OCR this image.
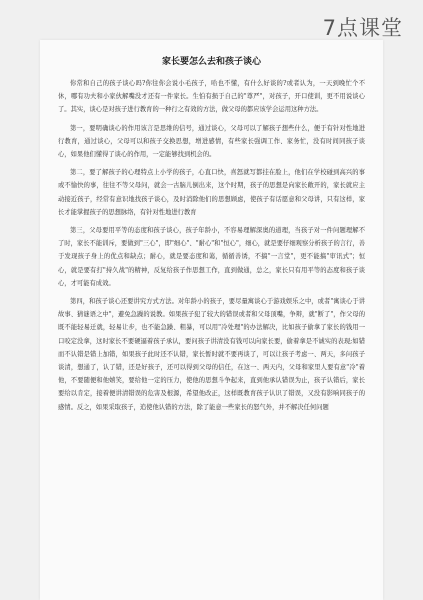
7点课堂
家长要怎么去和孩子谈心

你常和自己的孩子谈心吗?你往你会说小毛孩子，哈也不懂，有什么好谈的?或者认为，一天到晚忙个不休，哪有功夫和小家伙解嘴没才还有一件家长。生怕有损于自己的"尊严"，对孩子，开口使训，更不用说谈心了。其实，谈心是对孩子进行教育的一种行之有效的方法，做父母的都应该学会运用这种方法。

第一，要明确谈心的作用该言是思维的信号，通过谈心，父母可以了解孩子想些什么，便于有针对性地进行教育，通过谈心，父母可以和孩子交换思想，增进感情，有些家长强调工作、家务忙，没有时间同孩子谈心，如果他们懂得了谈心的作用，一定能够找到机会的。

第二，要了解孩子的心理特点上小学的孩子，心直口快，喜怒就写都挂在脸上，他们在学校碰到高兴的事或不愉快的事，往往不等父母问，就会一古脑儿倒出来，这个时期，孩子的思想是向家长敞开的，家长就应主动接近孩子，经常有意识地找孩子谈心，及时消除他们的思想顾虑，使孩子有话愿意和父母讲，只有这样，家长才能掌握孩子的思想脉络，有针对性地进行教育

第三，父母要用平等的态度和孩子谈心，孩子年龄小，不容易理解深奥的道理，当孩子对一件问题理解不了时，家长不能训斥，要做到"三心"，即"细心"、"耐心"和"恒心"，细心，就是要仔细观察分析孩子的言行，善于发现孩子身上的优点和缺点；耐心，就是要态度和蔼，循循善诱，不搞"一言堂"，更不能搞"审讯式"；恒心，就是要有打"持久战"的精神，反复给孩子作思想工作，直到做通，总之，家长只有用平等的态度和孩子谈心，才可能有成效。

第四，和孩子谈心还要讲究方式方法。对年龄小的孩子，要尽量寓谈心于游戏娱乐之中，或者"寓谈心于讲故事、猜谜语之中"，避免急躁的说教。如果孩子犯了较大的错误或者和父母顶嘴，争辩，就"断了"，作父母的既不能轻易迁就，轻易让步，也不能急躁、粗暴，可以用"冷处理"的办法解决，比如孩子偷拿了家长的钱用一口咬定没拿，这时家长不要硬逼着孩子承认，要问孩子讲清没有钱可以向家长要，偷着拿是不诚实的表现;如错而不认错是错上加错，如果孩子此时还不认错，家长暂时就不要再谈了，可以让孩子考虑一、两天，多问孩子谈清，想通了，认了错，还是好孩子，还可以得到父母的信任，在这一、两天内，父母和家里人要有意"冷"着他，不要随便和他嬉笑，要给他一定的压力，使他的思想斗争起来，直到他承认错误为止，孩子认错后，家长要给以肯定，接着便讲清错误的危害及根源，希望他改正，这样既教育孩子认识了错误，又没有影响同孩子的感情。反之，如果采取孩子，追使他认错的方法，除了能意一些家长的怒气外，并不解决任何问题
